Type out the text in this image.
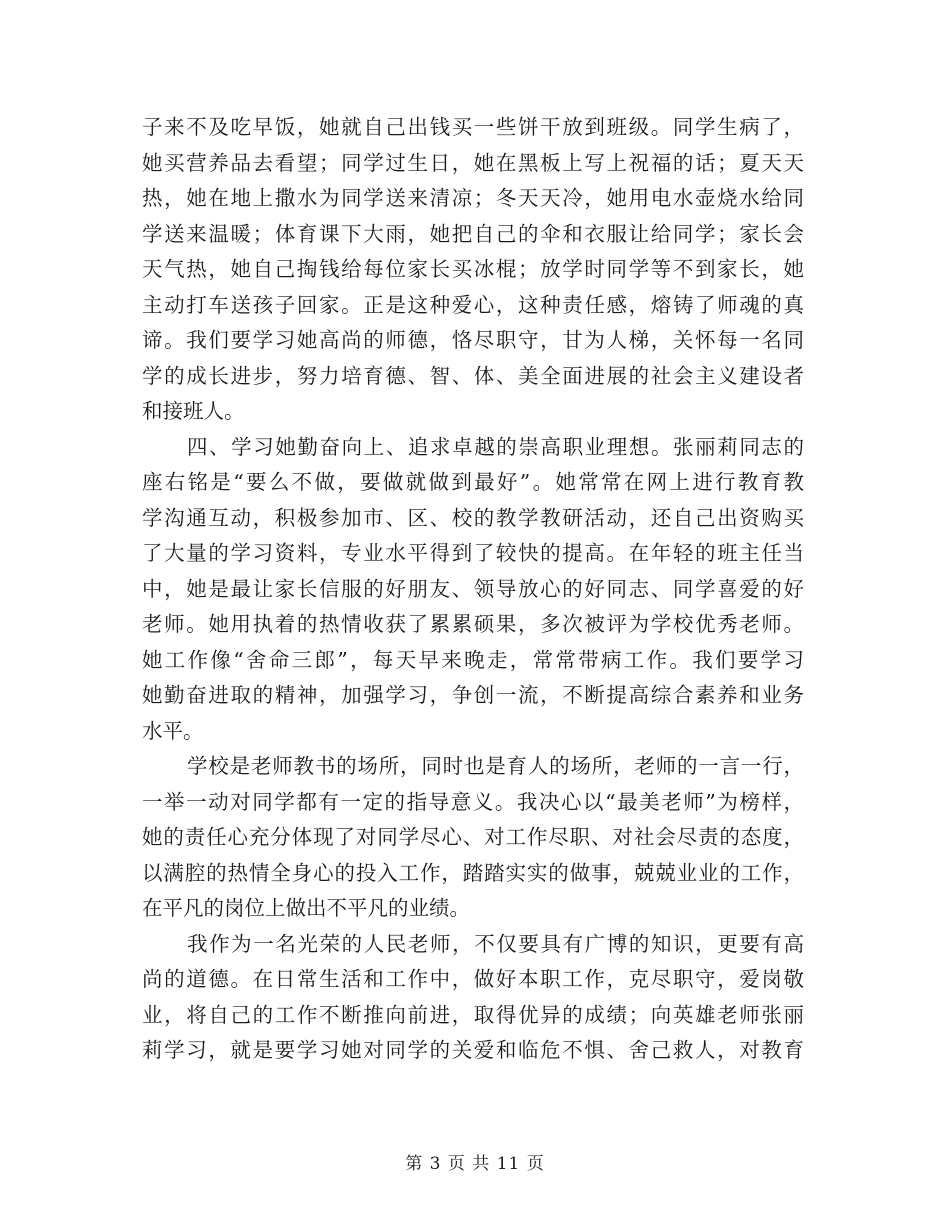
子来不及吃早饭，她就自己出钱买一些饼干放到班级。同学生病了，
她买营养品去看望；同学过生日，她在黑板上写上祝福的话；夏天天
热，她在地上撒水为同学送来清凉；冬天天冷，她用电水壶烧水给同
学送来温暖；体育课下大雨，她把自己的伞和衣服让给同学；家长会
天气热，她自己掏钱给每位家长买冰棍；放学时同学等不到家长，她
主动打车送孩子回家。正是这种爱心，这种责任感，熔铸了师魂的真
谛。我们要学习她高尚的师德，恪尽职守，甘为人梯，关怀每一名同
学的成长进步，努力培育德、智、体、美全面进展的社会主义建设者
和接班人。
四、学习她勤奋向上、追求卓越的崇高职业理想。张丽莉同志的
座右铭是“要么不做，要做就做到最好”。她常常在网上进行教育教
学沟通互动，积极参加市、区、校的教学教研活动，还自己出资购买
了大量的学习资料，专业水平得到了较快的提高。在年轻的班主任当
中，她是最让家长信服的好朋友、领导放心的好同志、同学喜爱的好
老师。她用执着的热情收获了累累硕果，多次被评为学校优秀老师。
她工作像“舍命三郎”，每天早来晚走，常常带病工作。我们要学习
她勤奋进取的精神，加强学习，争创一流，不断提高综合素养和业务
水平。
学校是老师教书的场所，同时也是育人的场所，老师的一言一行，
一举一动对同学都有一定的指导意义。我决心以“最美老师”为榜样，
她的责任心充分体现了对同学尽心、对工作尽职、对社会尽责的态度，
以满腔的热情全身心的投入工作，踏踏实实的做事，兢兢业业的工作，
在平凡的岗位上做出不平凡的业绩。
我作为一名光荣的人民老师，不仅要具有广博的知识，更要有高
尚的道德。在日常生活和工作中，做好本职工作，克尽职守，爱岗敬
业，将自己的工作不断推向前进，取得优异的成绩；向英雄老师张丽
莉学习，就是要学习她对同学的关爱和临危不惧、舍己救人，对教育
第 3 页 共 11 页
